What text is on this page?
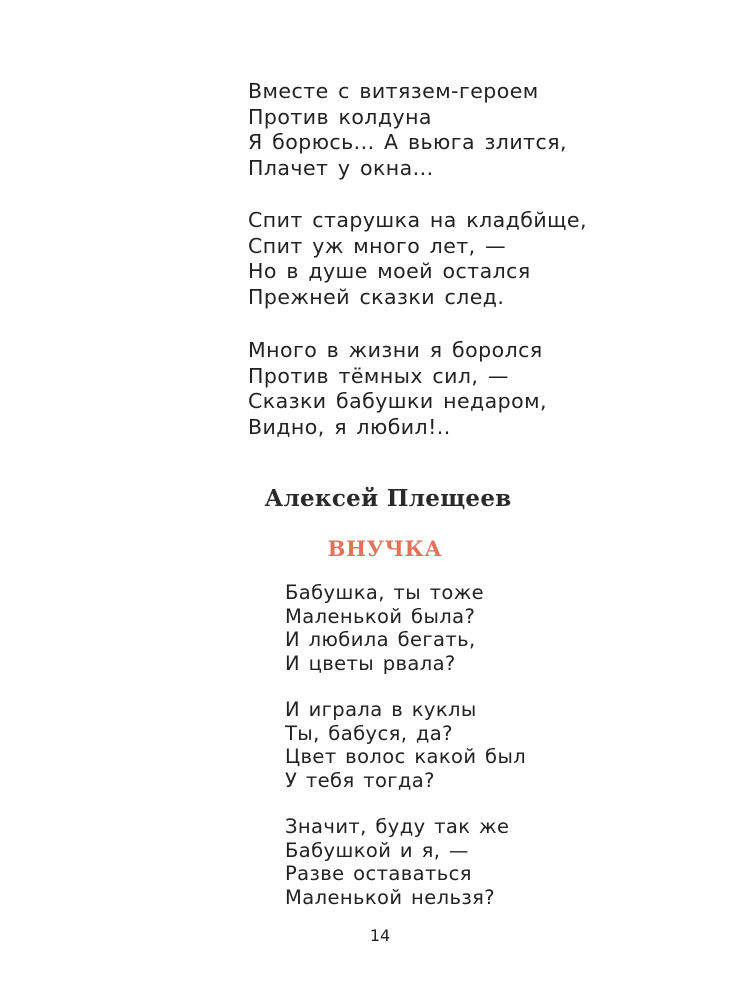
Вместе с витязем-героем
Против колдуна
Я борюсь... А вьюга злится,
Плачет у окна...
Спит старушка на кладбйще,
Спит уж много лет, —
Но в душе моей остался
Прежней сказки след.
Много в жизни я боролся
Против тёмных сил, —
Сказки бабушки недаром,
Видно, я любил!..
Алексей Плещеев
ВНУЧКА
Бабушка, ты тоже
Маленькой была?
И любила бегать,
И цветы рвала?
И играла в куклы
Ты, бабуся, да?
Цвет волос какой был
У тебя тогда?
Значит, буду так же
Бабушкой и я, —
Разве оставаться
Маленькой нельзя?
14
